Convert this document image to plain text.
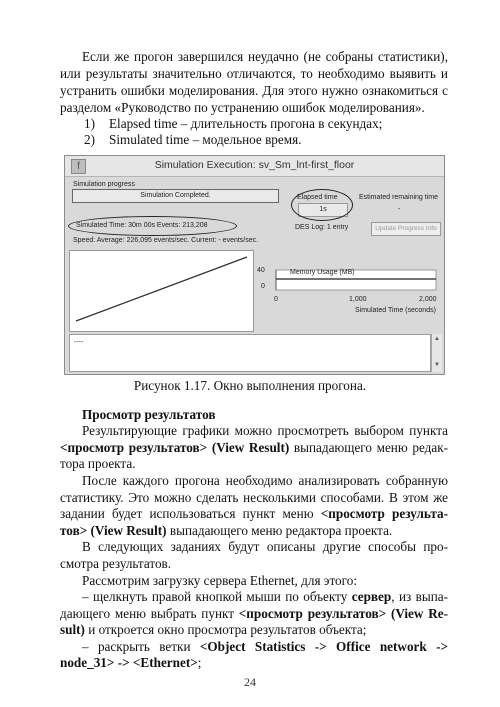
Если же прогон завершился неудачно (не собраны статистики),
или результаты значительно отличаются, то необходимо выявить и
устранить ошибки моделирования. Для этого нужно ознакомиться с
разделом «Руководство по устранению ошибок моделирования».
1) Elapsed time – длительность прогона в секундах;
2) Simulated time – модельное время.
f	Simulation Execution: sv_Sm_lnt-first_floor
Simulation progress
Simulation Completed.	Elapsed time
1s
Estimated remaining time
-
Simulated Time: 30m 00s Events: 213,208	DES Log: 1 entry	Update Progress Info
Speed: Average: 226,095 events/sec. Current: - events/sec.
Memory Usage (MB)
40
0
0	1,000	2,000
Simulated Time (seconds)
----	▲
▼
Рисунок 1.17. Окно выполнения прогона.
Просмотр результатов
Результирующие графики можно просмотреть выбором пункта
<просмотр результатов> (View Result) выпадающего меню редак-
тора проекта.
После каждого прогона необходимо анализировать собранную
статистику. Это можно сделать несколькими способами. В этом же
задании будет использоваться пункт меню <просмотр результа-
тов> (View Result) выпадающего меню редактора проекта.
В следующих заданиях будут описаны другие способы про-
смотра результатов.
Рассмотрим загрузку сервера Ethernet, для этого:
– щелкнуть правой кнопкой мыши по объекту сервер, из выпа-
дающего меню выбрать пункт <просмотр результатов> (View Re-
sult) и откроется окно просмотра результатов объекта;
– раскрыть ветки <Object Statistics -> Office network ->
node_31> -> <Ethernet>;
24
